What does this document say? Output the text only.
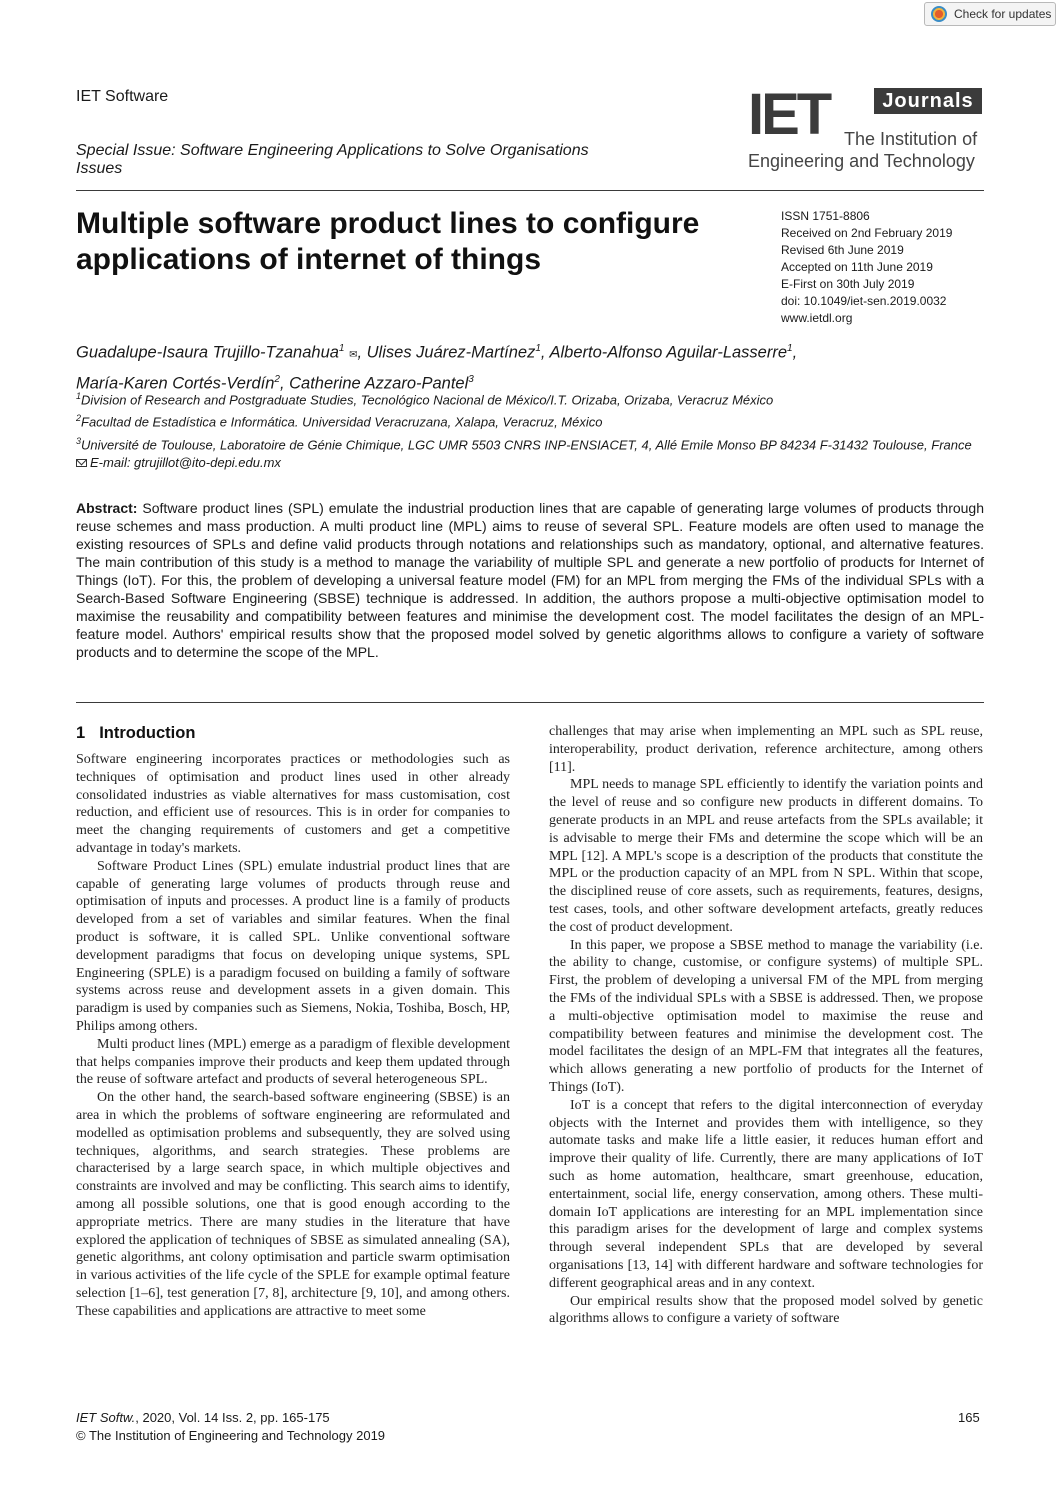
Check for updates
IET Software
Special Issue: Software Engineering Applications to Solve Organisations Issues
IET	Journals
The Institution of
Engineering and Technology
Multiple software product lines to configure applications of internet of things
ISSN 1751-8806
Received on 2nd February 2019
Revised 6th June 2019
Accepted on 11th June 2019
E-First on 30th July 2019
doi: 10.1049/iet-sen.2019.0032
www.ietdl.org
Guadalupe-Isaura Trujillo-Tzanahua$^1$ ✉, Ulises Juárez-Martínez$^1$, Alberto-Alfonso Aguilar-Lasserre$^1$,
María-Karen Cortés-Verdín$^2$, Catherine Azzaro-Pantel$^3$
$^1$Division of Research and Postgraduate Studies, Tecnológico Nacional de México/I.T. Orizaba, Orizaba, Veracruz México
$^2$Facultad de Estadística e Informática. Universidad Veracruzana, Xalapa, Veracruz, México
$^3$Université de Toulouse, Laboratoire de Génie Chimique, LGC UMR 5503 CNRS INP-ENSIACET, 4, Allé Emile Monso BP 84234 F-31432 Toulouse, France
E-mail: gtrujillot@ito-depi.edu.mx
Abstract: Software product lines (SPL) emulate the industrial production lines that are capable of generating large volumes of products through reuse schemes and mass production. A multi product line (MPL) aims to reuse of several SPL. Feature models are often used to manage the existing resources of SPLs and define valid products through notations and relationships such as mandatory, optional, and alternative features. The main contribution of this study is a method to manage the variability of multiple SPL and generate a new portfolio of products for Internet of Things (IoT). For this, the problem of developing a universal feature model (FM) for an MPL from merging the FMs of the individual SPLs with a Search-Based Software Engineering (SBSE) technique is addressed. In addition, the authors propose a multi-objective optimisation model to maximise the reusability and compatibility between features and minimise the development cost. The model facilitates the design of an MPL-feature model. Authors' empirical results show that the proposed model solved by genetic algorithms allows to configure a variety of software products and to determine the scope of the MPL.
1 Introduction

Software engineering incorporates practices or methodologies such as techniques of optimisation and product lines used in other already consolidated industries as viable alternatives for mass customisation, cost reduction, and efficient use of resources. This is in order for companies to meet the changing requirements of customers and get a competitive advantage in today's markets.

Software Product Lines (SPL) emulate industrial product lines that are capable of generating large volumes of products through reuse and optimisation of inputs and processes. A product line is a family of products developed from a set of variables and similar features. When the final product is software, it is called SPL. Unlike conventional software development paradigms that focus on developing unique systems, SPL Engineering (SPLE) is a paradigm focused on building a family of software systems across reuse and development assets in a given domain. This paradigm is used by companies such as Siemens, Nokia, Toshiba, Bosch, HP, Philips among others.

Multi product lines (MPL) emerge as a paradigm of flexible development that helps companies improve their products and keep them updated through the reuse of software artefact and products of several heterogeneous SPL.

On the other hand, the search-based software engineering (SBSE) is an area in which the problems of software engineering are reformulated and modelled as optimisation problems and subsequently, they are solved using techniques, algorithms, and search strategies. These problems are characterised by a large search space, in which multiple objectives and constraints are involved and may be conflicting. This search aims to identify, among all possible solutions, one that is good enough according to the appropriate metrics. There are many studies in the literature that have explored the application of techniques of SBSE as simulated annealing (SA), genetic algorithms, ant colony optimisation and particle swarm optimisation in various activities of the life cycle of the SPLE for example optimal feature selection [1–6], test generation [7, 8], architecture [9, 10], and among others. These capabilities and applications are attractive to meet some

challenges that may arise when implementing an MPL such as SPL reuse, interoperability, product derivation, reference architecture, among others [11].

MPL needs to manage SPL efficiently to identify the variation points and the level of reuse and so configure new products in different domains. To generate products in an MPL and reuse artefacts from the SPLs available; it is advisable to merge their FMs and determine the scope which will be an MPL [12]. A MPL's scope is a description of the products that constitute the MPL or the production capacity of an MPL from N SPL. Within that scope, the disciplined reuse of core assets, such as requirements, features, designs, test cases, tools, and other software development artefacts, greatly reduces the cost of product development.

In this paper, we propose a SBSE method to manage the variability (i.e. the ability to change, customise, or configure systems) of multiple SPL. First, the problem of developing a universal FM of the MPL from merging the FMs of the individual SPLs with a SBSE is addressed. Then, we propose a multi-objective optimisation model to maximise the reuse and compatibility between features and minimise the development cost. The model facilitates the design of an MPL-FM that integrates all the features, which allows generating a new portfolio of products for the Internet of Things (IoT).

IoT is a concept that refers to the digital interconnection of everyday objects with the Internet and provides them with intelligence, so they automate tasks and make life a little easier, it reduces human effort and improve their quality of life. Currently, there are many applications of IoT such as home automation, healthcare, smart greenhouse, education, entertainment, social life, energy conservation, among others. These multi-domain IoT applications are interesting for an MPL implementation since this paradigm arises for the development of large and complex systems through several independent SPLs that are developed by several organisations [13, 14] with different hardware and software technologies for different geographical areas and in any context.

Our empirical results show that the proposed model solved by genetic algorithms allows to configure a variety of software

IET Softw., 2020, Vol. 14 Iss. 2, pp. 165-175
© The Institution of Engineering and Technology 2019
165
